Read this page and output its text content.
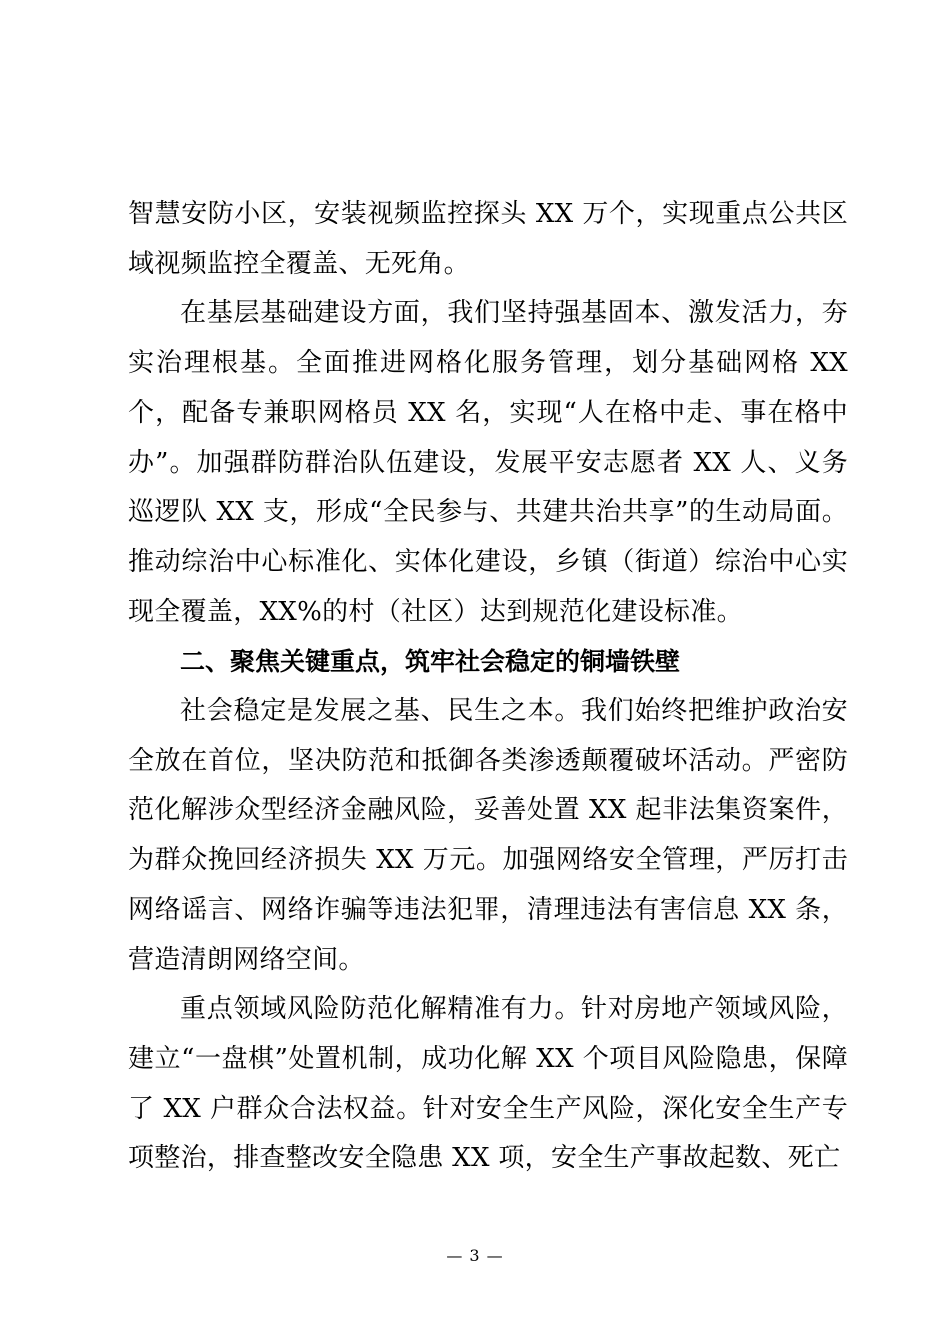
智慧安防小区，安装视频监控探头 XX 万个，实现重点公共区域视频监控全覆盖、无死角。

在基层基础建设方面，我们坚持强基固本、激发活力，夯实治理根基。全面推进网格化服务管理，划分基础网格 XX 个，配备专兼职网格员 XX 名，实现“人在格中走、事在格中办”。加强群防群治队伍建设，发展平安志愿者 XX 人、义务巡逻队 XX 支，形成“全民参与、共建共治共享”的生动局面。推动综治中心标准化、实体化建设，乡镇（街道）综治中心实现全覆盖，XX%的村（社区）达到规范化建设标准。

二、聚焦关键重点，筑牢社会稳定的铜墙铁壁

社会稳定是发展之基、民生之本。我们始终把维护政治安全放在首位，坚决防范和抵御各类渗透颠覆破坏活动。严密防范化解涉众型经济金融风险，妥善处置 XX 起非法集资案件，为群众挽回经济损失 XX 万元。加强网络安全管理，严厉打击网络谣言、网络诈骗等违法犯罪，清理违法有害信息 XX 条，营造清朗网络空间。

重点领域风险防范化解精准有力。针对房地产领域风险，建立“一盘棋”处置机制，成功化解 XX 个项目风险隐患，保障了 XX 户群众合法权益。针对安全生产风险，深化安全生产专项整治，排查整改安全隐患 XX 项，安全生产事故起数、死亡

— 3 —
